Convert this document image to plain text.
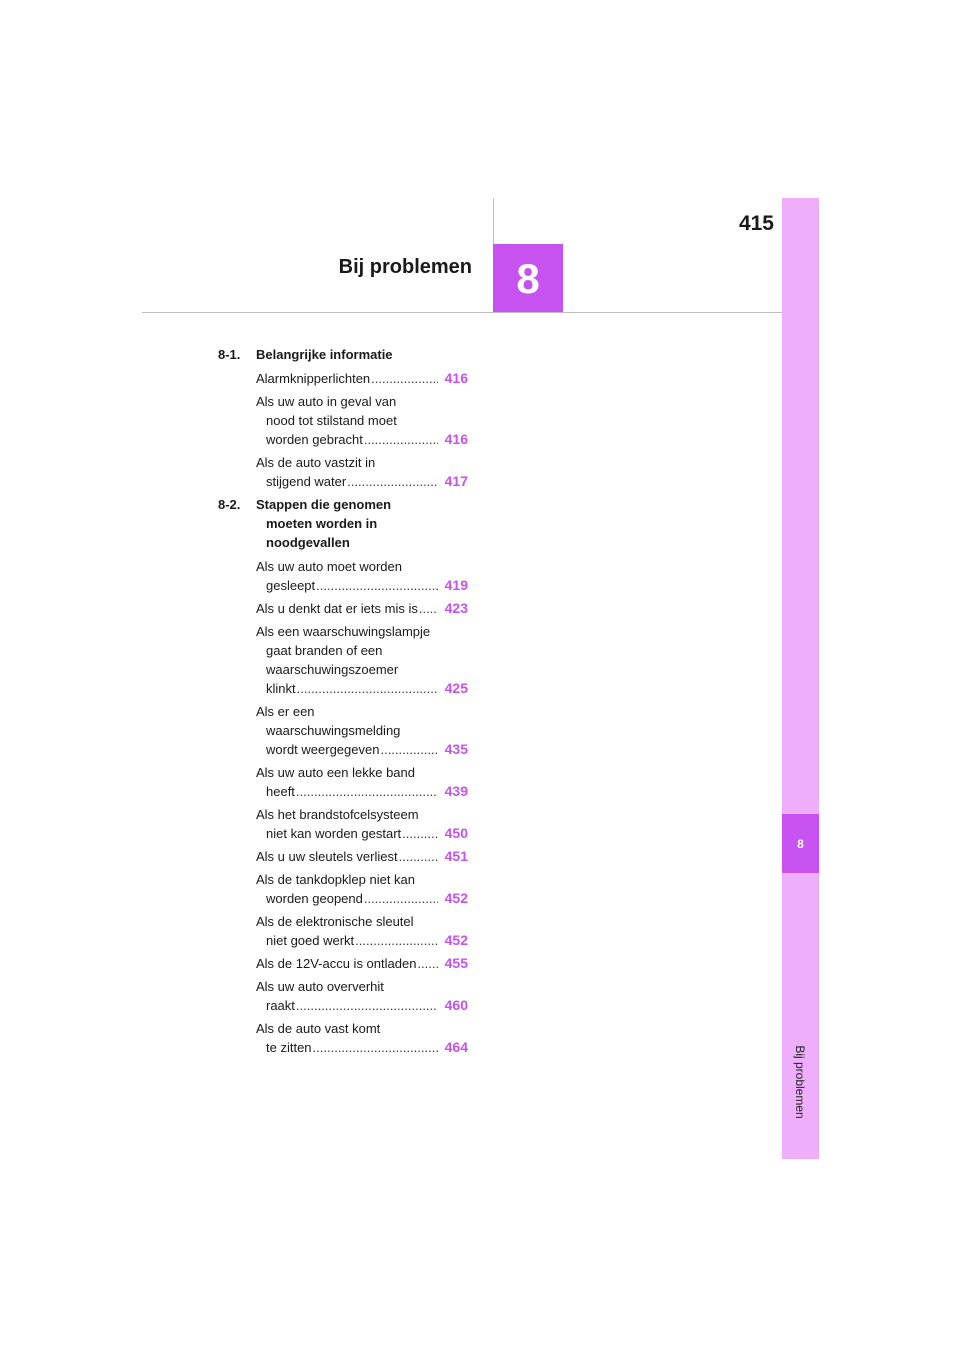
415
Bij problemen	8
8
Bij problemen
8-1.	Belangrijke informatie
Alarmknipperlichten .....	416
Als uw auto in geval van
nood tot stilstand moet
worden gebracht .....	416
Als de auto vastzit in
stijgend water .....	417
8-2.	Stappen die genomen
moeten worden in
noodgevallen
Als uw auto moet worden
gesleept .....	419
Als u denkt dat er iets mis is .....	423
Als een waarschuwingslampje
gaat branden of een
waarschuwingszoemer
klinkt .....	425
Als er een
waarschuwingsmelding
wordt weergegeven .....	435
Als uw auto een lekke band
heeft .....	439
Als het brandstofcelsysteem
niet kan worden gestart .....	450
Als u uw sleutels verliest .....	451
Als de tankdopklep niet kan
worden geopend .....	452
Als de elektronische sleutel
niet goed werkt .....	452
Als de 12V-accu is ontladen .....	455
Als uw auto oververhit
raakt .....	460
Als de auto vast komt
te zitten .....	464
